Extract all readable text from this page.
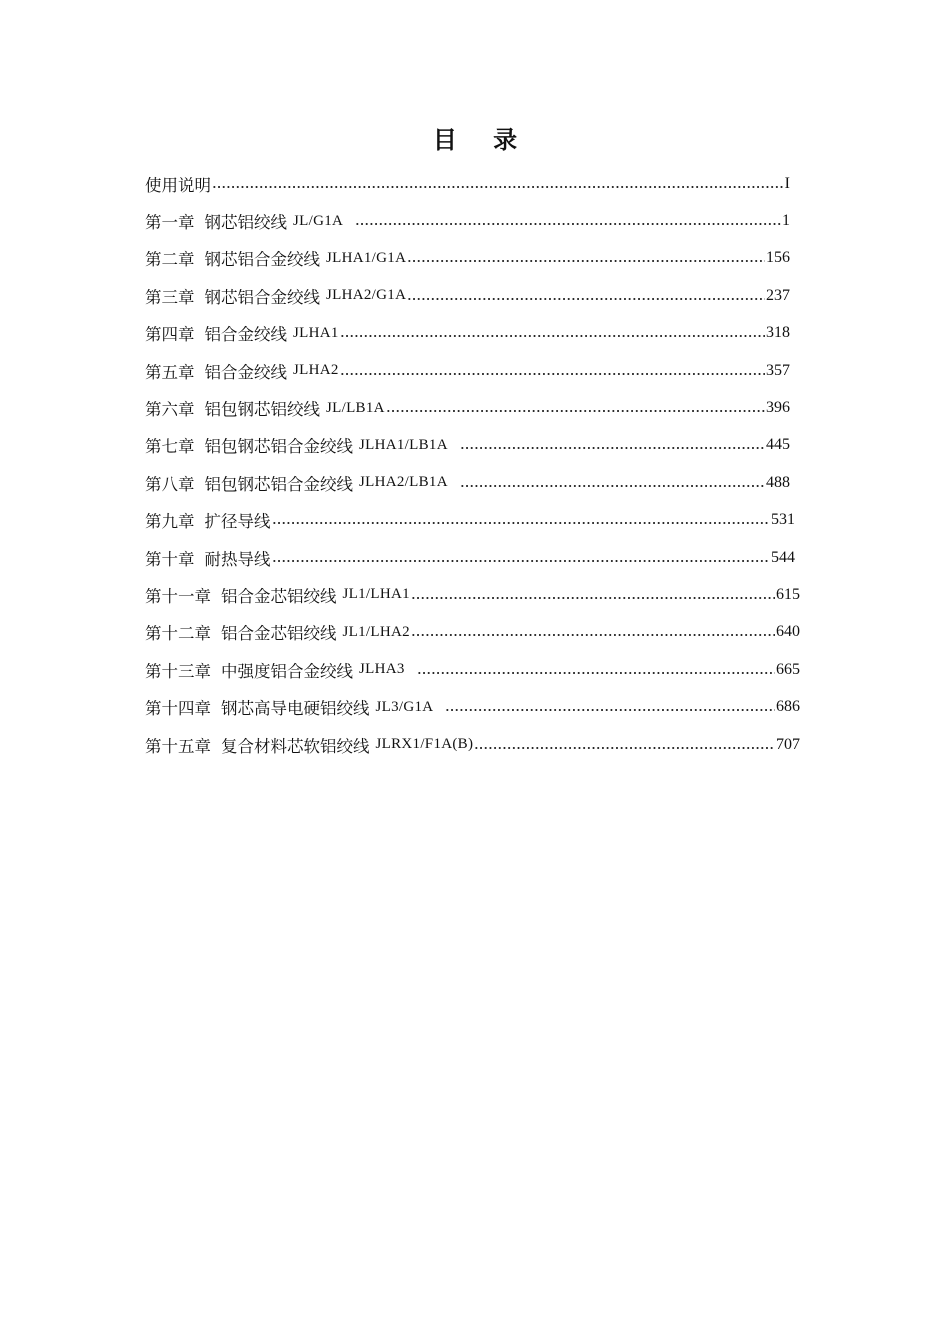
目 录
使用说明	I
第一章 钢芯铝绞线 JL/G1A	1
第二章 钢芯铝合金绞线 JLHA1/G1A	156
第三章 钢芯铝合金绞线 JLHA2/G1A	237
第四章 铝合金绞线 JLHA1	318
第五章 铝合金绞线 JLHA2	357
第六章 铝包钢芯铝绞线 JL/LB1A	396
第七章 铝包钢芯铝合金绞线 JLHA1/LB1A	445
第八章 铝包钢芯铝合金绞线 JLHA2/LB1A	488
第九章 扩径导线	531
第十章 耐热导线	544
第十一章 铝合金芯铝绞线 JL1/LHA1	615
第十二章 铝合金芯铝绞线 JL1/LHA2	640
第十三章 中强度铝合金绞线 JLHA3	665
第十四章 钢芯高导电硬铝绞线 JL3/G1A	686
第十五章 复合材料芯软铝绞线 JLRX1/F1A(B)	707
